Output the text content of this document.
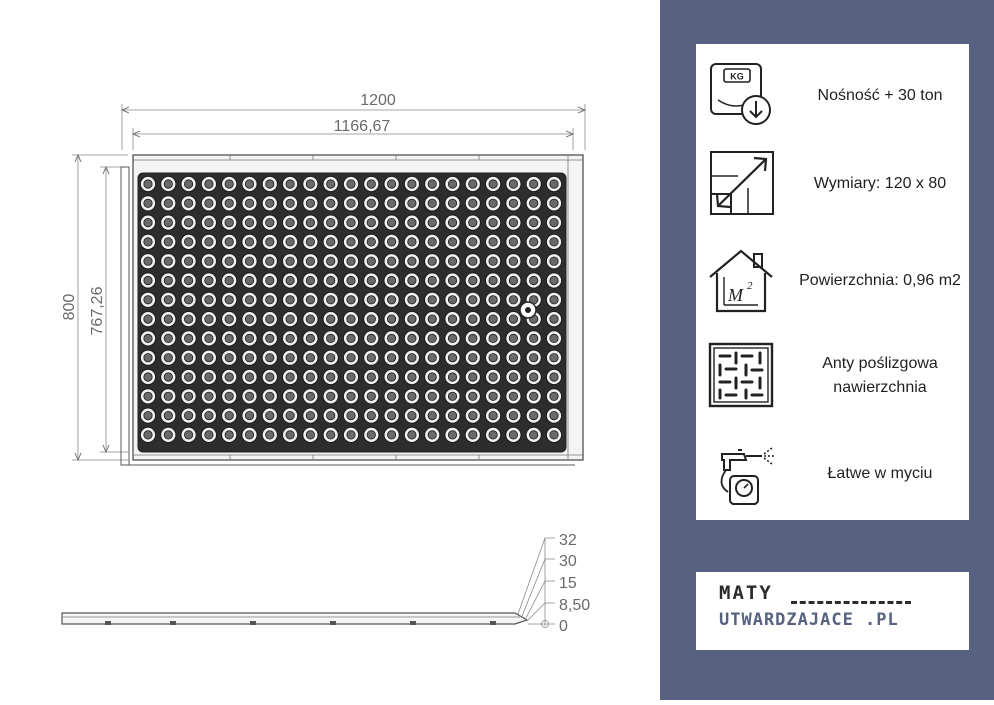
1200
1166,67
800 767,26
32
30
15
8,50
0
KG
Nośność + 30 ton
Wymiary: 120 x 80
M 2	Powierzchnia: 0,96 m2
Anty poślizgowa nawierzchnia
Łatwe w myciu
MATY
UTWARDZAJACE .PL
